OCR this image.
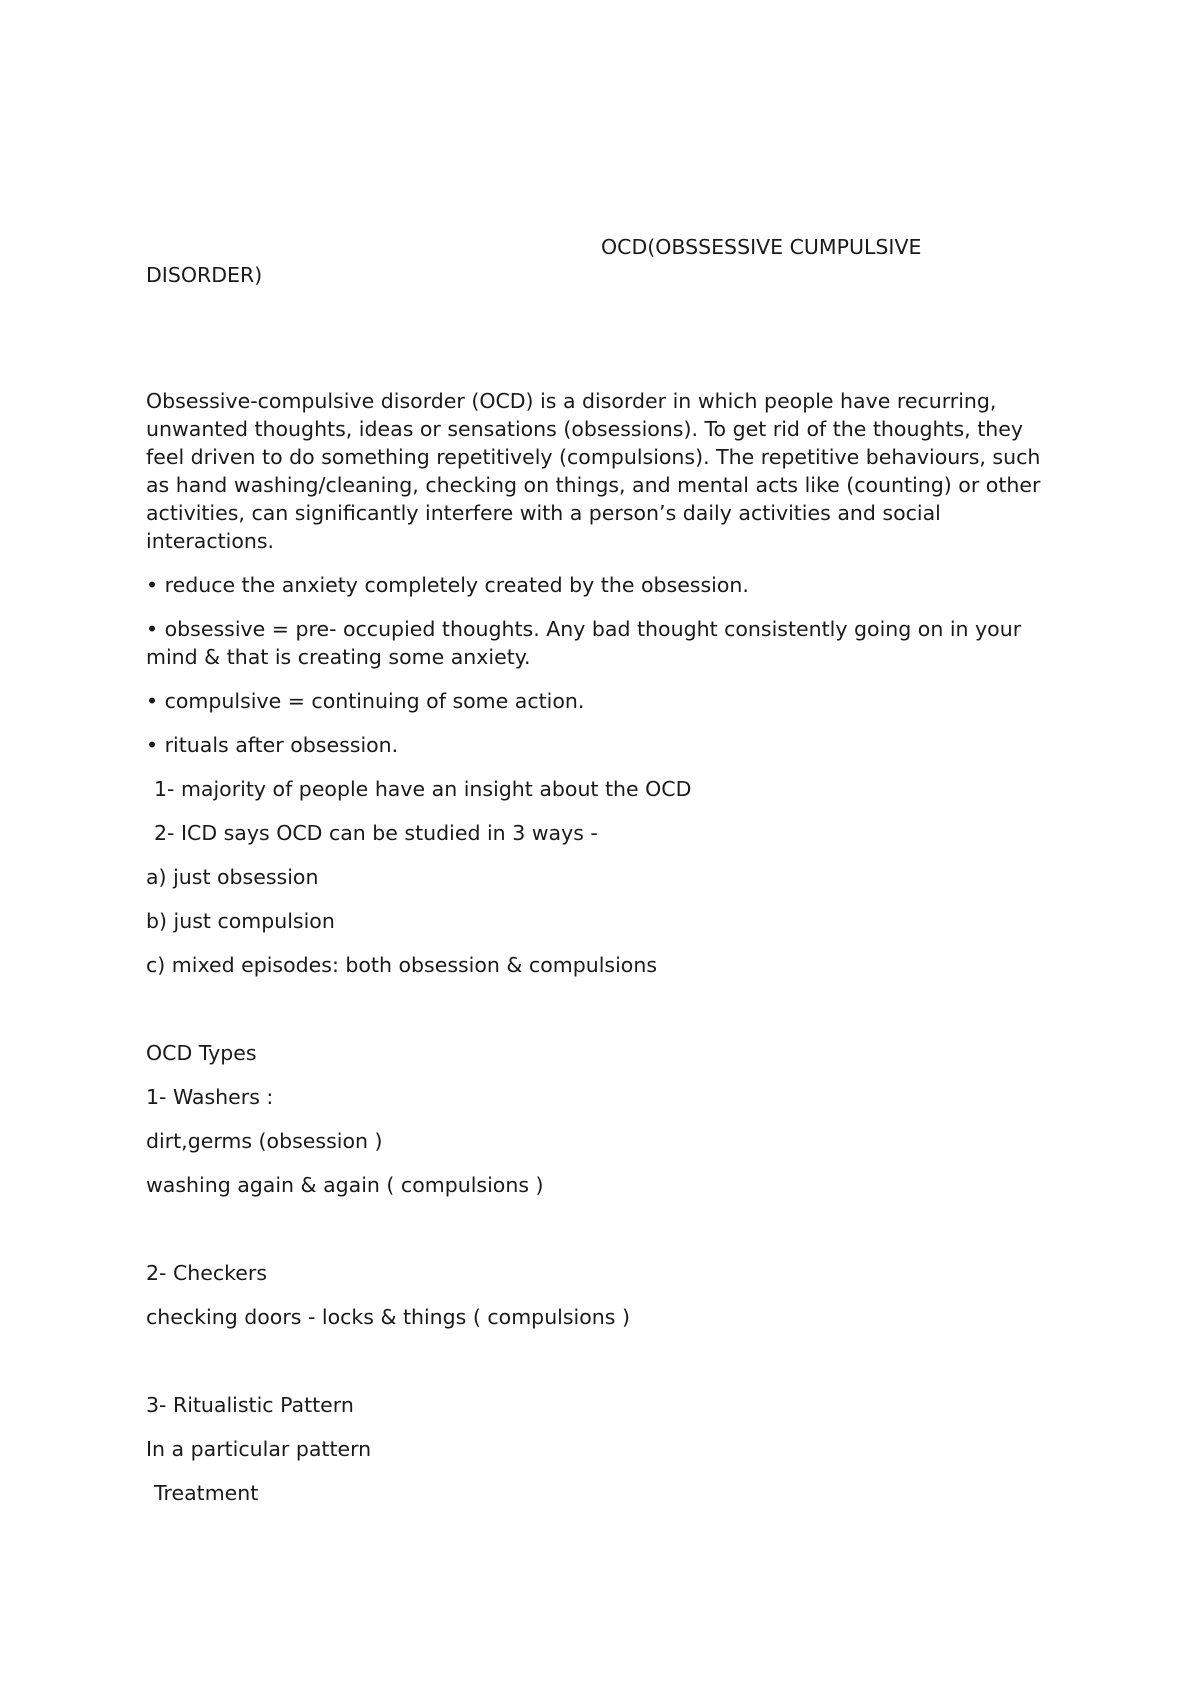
OCD(OBSSESSIVE CUMPULSIVE

DISORDER)

Obsessive-compulsive disorder (OCD) is a disorder in which people have recurring, unwanted thoughts, ideas or sensations (obsessions). To get rid of the thoughts, they feel driven to do something repetitively (compulsions). The repetitive behaviours, such as hand washing/cleaning, checking on things, and mental acts like (counting) or other activities, can significantly interfere with a person’s daily activities and social interactions.

• reduce the anxiety completely created by the obsession.

• obsessive = pre- occupied thoughts. Any bad thought consistently going on in your mind & that is creating some anxiety.

• compulsive = continuing of some action.

• rituals after obsession.

1- majority of people have an insight about the OCD

2- ICD says OCD can be studied in 3 ways -

a) just obsession

b) just compulsion

c) mixed episodes: both obsession & compulsions

OCD Types

1- Washers :

dirt,germs (obsession )

washing again & again ( compulsions )

2- Checkers

checking doors - locks & things ( compulsions )

3- Ritualistic Pattern

In a particular pattern

Treatment
